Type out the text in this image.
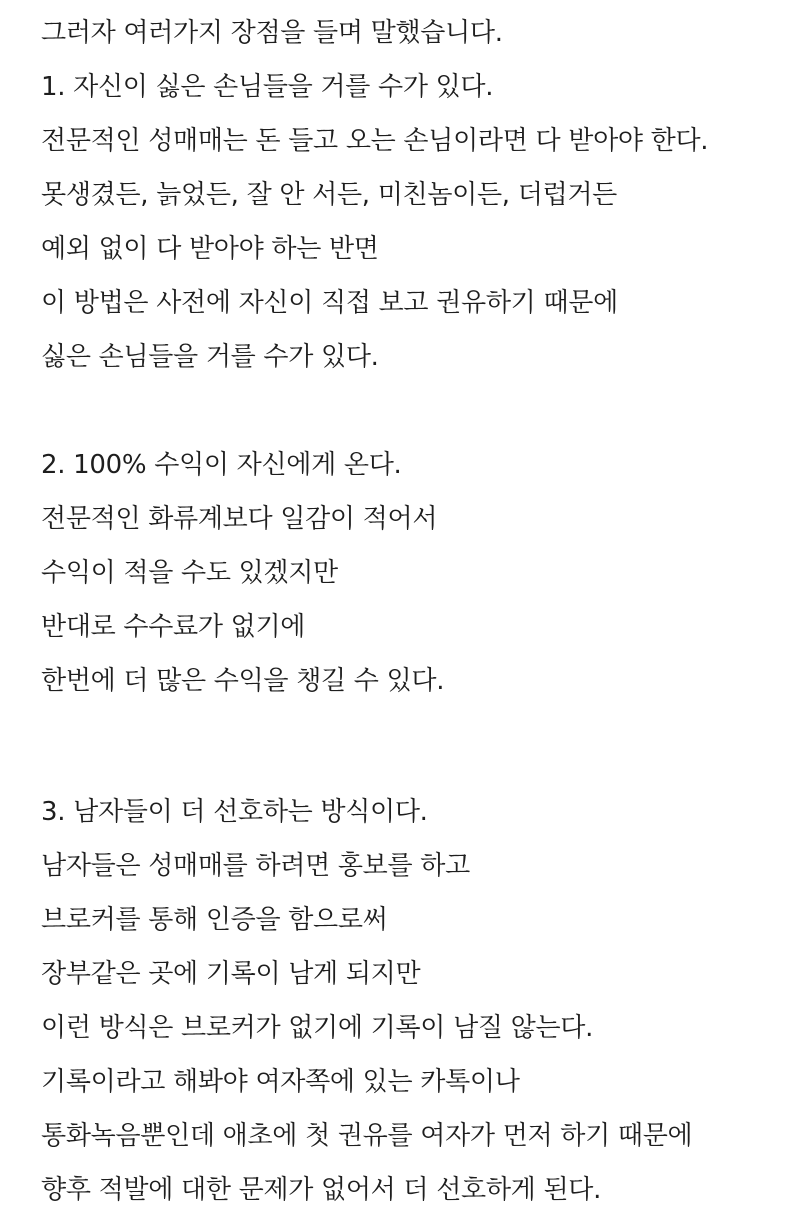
그러자 여러가지 장점을 들며 말했습니다.
1. 자신이 싫은 손님들을 거를 수가 있다.
전문적인 성매매는 돈 들고 오는 손님이라면 다 받아야 한다.
못생겼든, 늙었든, 잘 안 서든, 미친놈이든, 더럽거든
예외 없이 다 받아야 하는 반면
이 방법은 사전에 자신이 직접 보고 권유하기 때문에
싫은 손님들을 거를 수가 있다.
2. 100% 수익이 자신에게 온다.
전문적인 화류계보다 일감이 적어서
수익이 적을 수도 있겠지만
반대로 수수료가 없기에
한번에 더 많은 수익을 챙길 수 있다.
3. 남자들이 더 선호하는 방식이다.
남자들은 성매매를 하려면 홍보를 하고
브로커를 통해 인증을 함으로써
장부같은 곳에 기록이 남게 되지만
이런 방식은 브로커가 없기에 기록이 남질 않는다.
기록이라고 해봐야 여자쪽에 있는 카톡이나
통화녹음뿐인데 애초에 첫 권유를 여자가 먼저 하기 때문에
향후 적발에 대한 문제가 없어서 더 선호하게 된다.
